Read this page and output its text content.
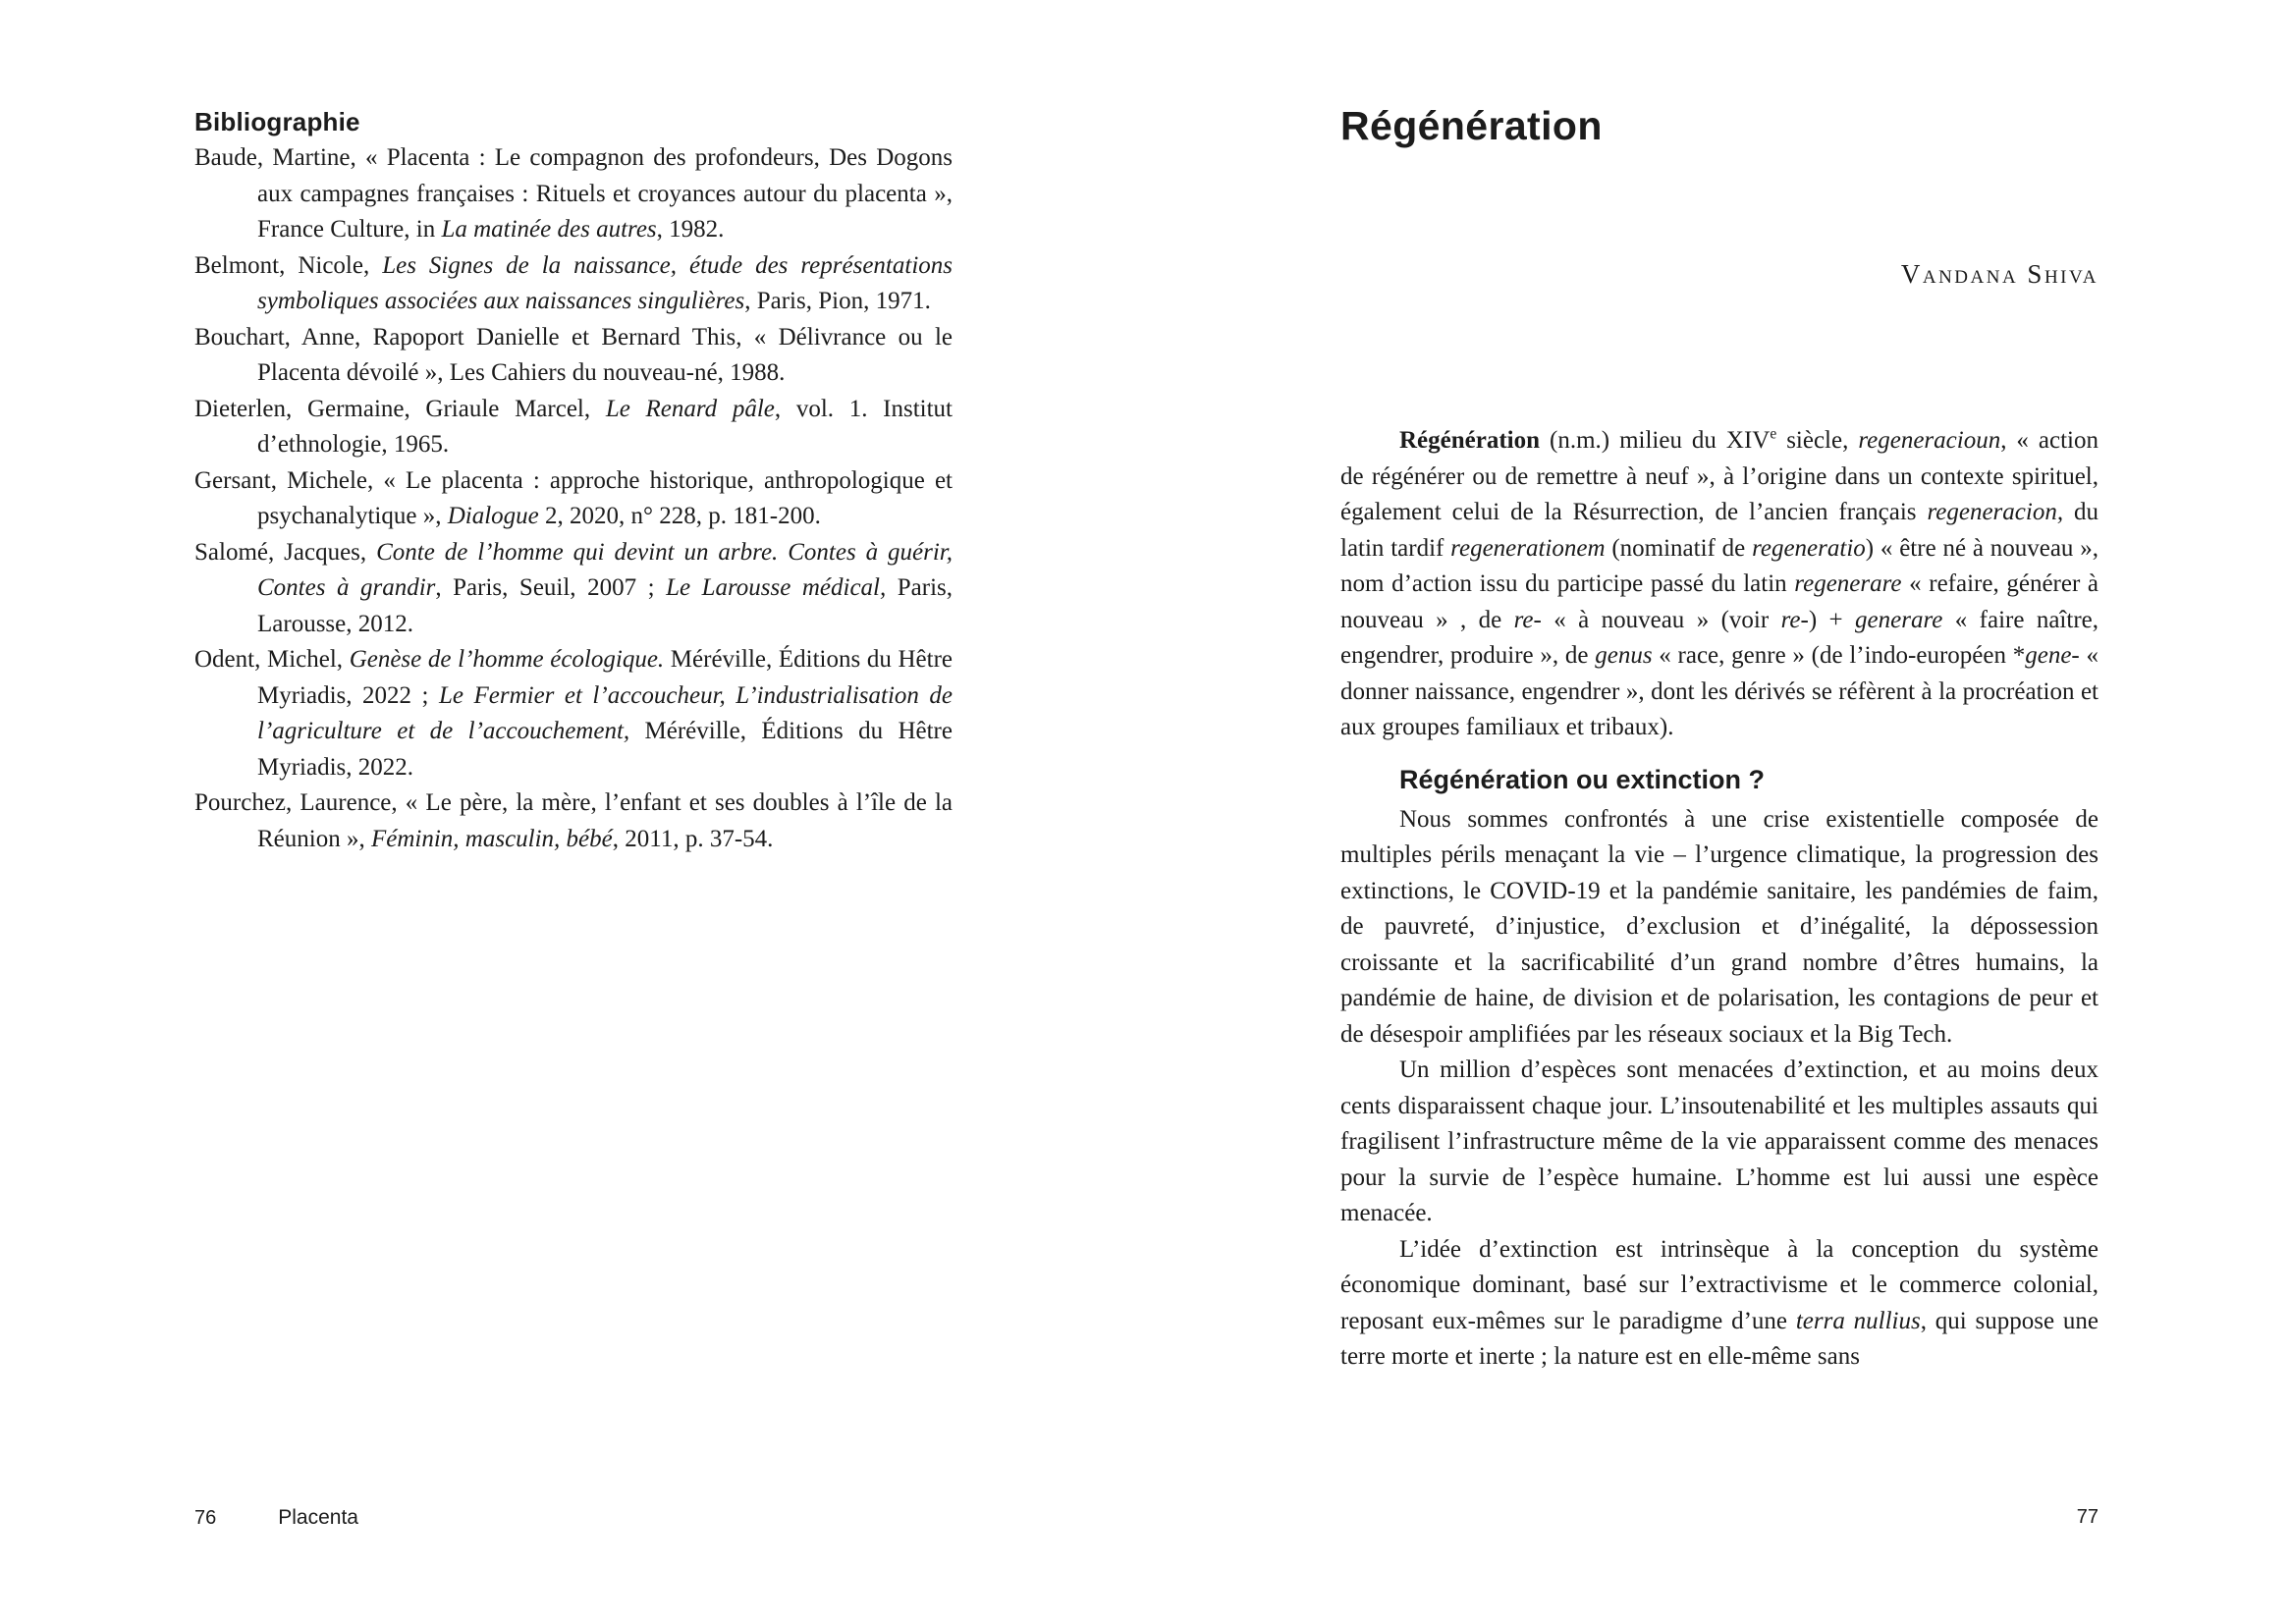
Bibliographie

Baude, Martine, « Placenta : Le compagnon des profondeurs, Des Dogons aux campagnes françaises : Rituels et croyances autour du placenta », France Culture, in La matinée des autres, 1982.

Belmont, Nicole, Les Signes de la naissance, étude des représentations symboliques associées aux naissances singulières, Paris, Pion, 1971.

Bouchart, Anne, Rapoport Danielle et Bernard This, « Délivrance ou le Placenta dévoilé », Les Cahiers du nouveau-né, 1988.

Dieterlen, Germaine, Griaule Marcel, Le Renard pâle, vol. 1. Institut d’ethnologie, 1965.

Gersant, Michele, « Le placenta : approche historique, anthropologique et psychanalytique », Dialogue 2, 2020, n° 228, p. 181-200.

Salomé, Jacques, Conte de l’homme qui devint un arbre. Contes à guérir, Contes à grandir, Paris, Seuil, 2007 ; Le Larousse médical, Paris, Larousse, 2012.

Odent, Michel, Genèse de l’homme écologique. Méréville, Éditions du Hêtre Myriadis, 2022 ; Le Fermier et l’accoucheur, L’industrialisation de l’agriculture et de l’accouchement, Méréville, Éditions du Hêtre Myriadis, 2022.

Pourchez, Laurence, « Le père, la mère, l’enfant et ses doubles à l’île de la Réunion », Féminin, masculin, bébé, 2011, p. 37-54.

76	Placenta
Régénération
Vandana Shiva

Régénération (n.m.) milieu du XIVe siècle, regeneracioun, « action de régénérer ou de remettre à neuf », à l’origine dans un contexte spirituel, également celui de la Résurrection, de l’ancien français regeneracion, du latin tardif regenerationem (nominatif de regeneratio) « être né à nouveau », nom d’action issu du participe passé du latin regenerare « refaire, générer à nouveau » , de re- « à nouveau » (voir re-) + generare « faire naître, engendrer, produire », de genus « race, genre » (de l’indo-européen *gene- « donner naissance, engendrer », dont les dérivés se réfèrent à la procréation et aux groupes familiaux et tribaux).

Régénération ou extinction ?

Nous sommes confrontés à une crise existentielle composée de multiples périls menaçant la vie – l’urgence climatique, la progression des extinctions, le COVID-19 et la pandémie sanitaire, les pandémies de faim, de pauvreté, d’injustice, d’exclusion et d’inégalité, la dépossession croissante et la sacrificabilité d’un grand nombre d’êtres humains, la pandémie de haine, de division et de polarisation, les contagions de peur et de désespoir amplifiées par les réseaux sociaux et la Big Tech.

Un million d’espèces sont menacées d’extinction, et au moins deux cents disparaissent chaque jour. L’insoutenabilité et les multiples assauts qui fragilisent l’infrastructure même de la vie apparaissent comme des menaces pour la survie de l’espèce humaine. L’homme est lui aussi une espèce menacée.

L’idée d’extinction est intrinsèque à la conception du système économique dominant, basé sur l’extractivisme et le commerce colonial, reposant eux-mêmes sur le paradigme d’une terra nullius, qui suppose une terre morte et inerte ; la nature est en elle-même sans

77
